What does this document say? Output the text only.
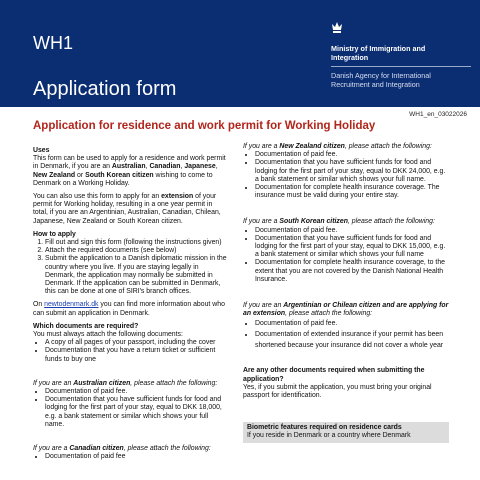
WH1
Application form
Ministry of Immigration and Integration
Danish Agency for International Recruitment and Integration
WH1_en_03022026
Application for residence and work permit for Working Holiday

Uses

This form can be used to apply for a residence and work permit in Denmark, if you are an Australian, Canadian, Japanese, New Zealand or South Korean citizen wishing to come to Denmark on a Working Holiday.

You can also use this form to apply for an extension of your permit for Working holiday, resulting in a one year permit in total, if you are an Argentinian, Australian, Canadian, Chilean, Japanese, New Zealand or South Korean citizen.

How to apply

1. Fill out and sign this form (following the instructions given)
2. Attach the required documents (see below)
3. Submit the application to a Danish diplomatic mission in the country where you live. If you are staying legally in Denmark, the application may normally be submitted in Denmark. If the application can be submitted in Denmark, this can be done at one of SIRI's branch offices.

On newtodenmark.dk you can find more information about who can submit an application in Denmark.

Which documents are required?

You must always attach the following documents:

• A copy of all pages of your passport, including the cover
• Documentation that you have a return ticket or sufficient funds to buy one

If you are an Australian citizen, please attach the following:

• Documentation of paid fee.
• Documentation that you have sufficient funds for food and lodging for the first part of your stay, equal to DKK 18,000, e.g. a bank statement or similar which shows your full name.

If you are a Canadian citizen, please attach the following:

• Documentation of paid fee

If you are a New Zealand citizen, please attach the following:

• Documentation of paid fee.
• Documentation that you have sufficient funds for food and lodging for the first part of your stay, equal to DKK 24,000, e.g. a bank statement or similar which shows your full name.
• Documentation for complete health insurance coverage. The insurance must be valid during your entire stay.

If you are a South Korean citizen, please attach the following:

• Documentation of paid fee.
• Documentation that you have sufficient funds for food and lodging for the first part of your stay, equal to DKK 15,000, e.g. a bank statement or similar which shows your full name
• Documentation for complete health insurance coverage, to the extent that you are not covered by the Danish National Health Insurance.

If you are an Argentinian or Chilean citizen and are applying for an extension, please attach the following:

• Documentation of paid fee.
• Documentation of extended insurance if your permit has been shortened because your insurance did not cover a whole year

Are any other documents required when submitting the application?

Yes, if you submit the application, you must bring your original passport for identification.

Biometric features required on residence cards

If you reside in Denmark or a country where Denmark
